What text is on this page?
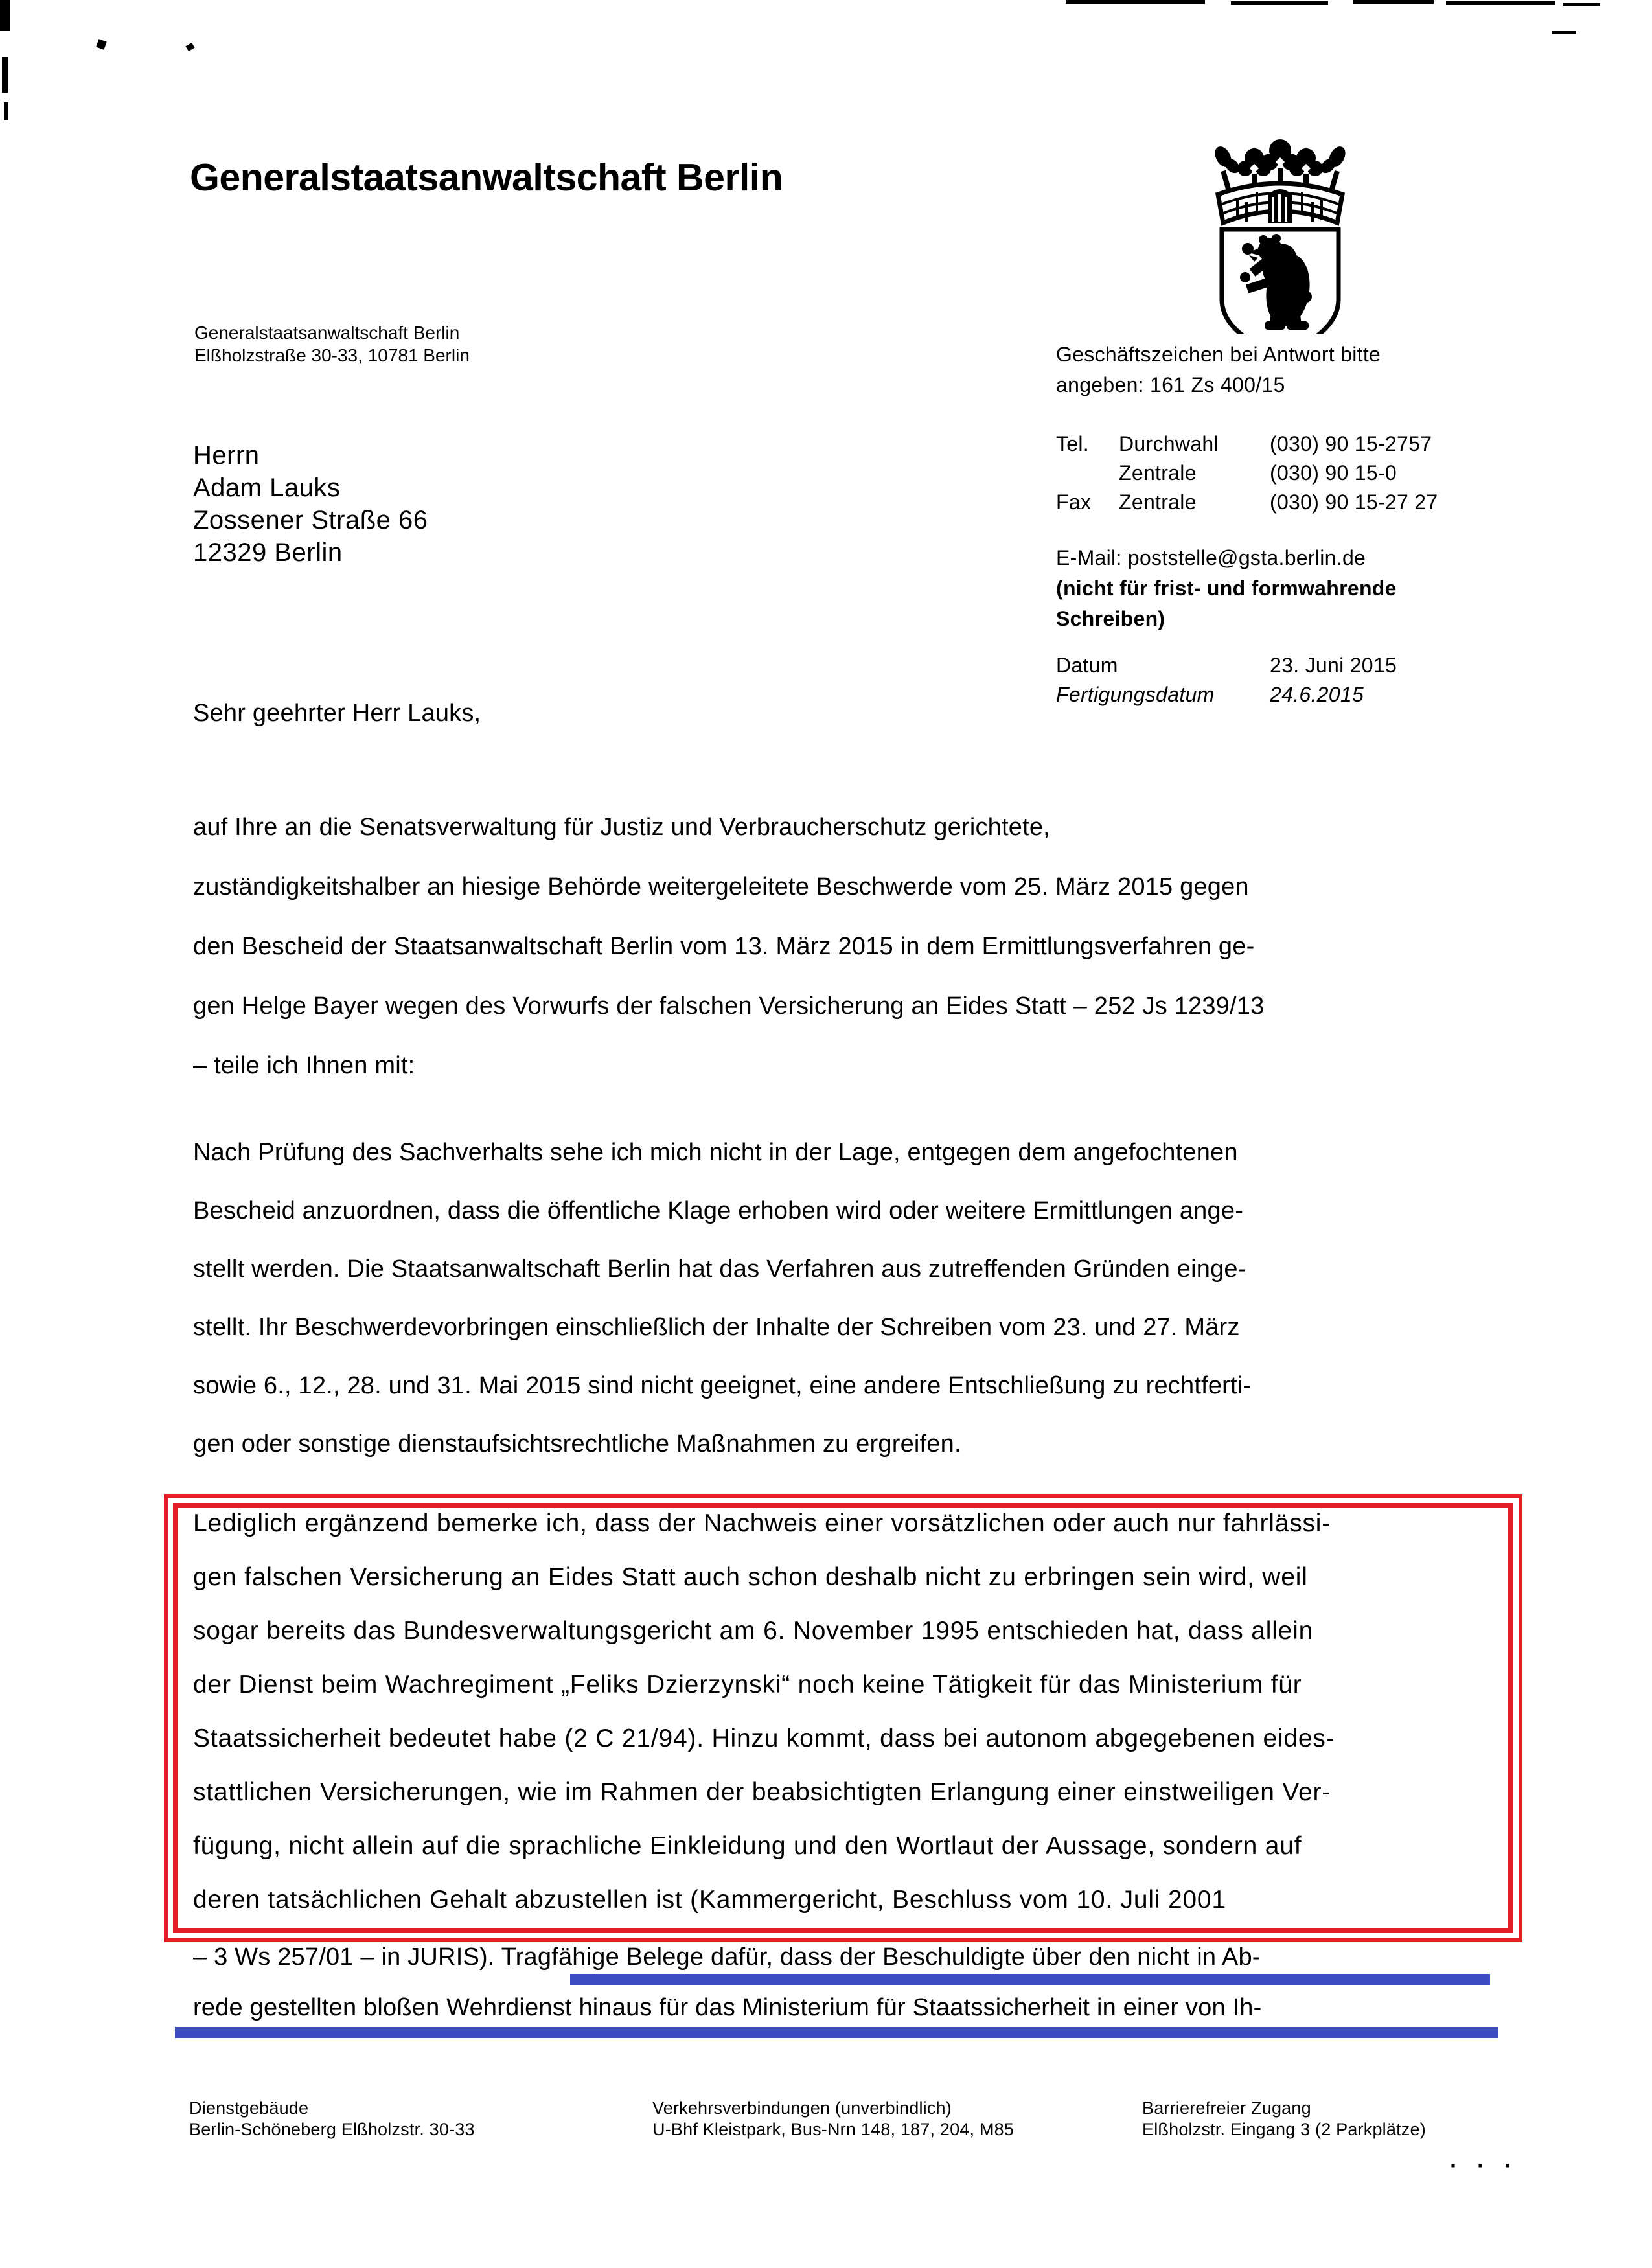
Generalstaatsanwaltschaft Berlin
Generalstaatsanwaltschaft Berlin
Elßholzstraße 30-33, 10781 Berlin
Herrn
Adam Lauks
Zossener Straße 66
12329 Berlin
Geschäftszeichen bei Antwort bitte
angeben: 161 Zs 400/15
Tel. Durchwahl (030) 90 15-2757
Zentrale	(030) 90 15-0
Fax Zentrale	(030) 90 15-27 27
E-Mail: poststelle@gsta.berlin.de
(nicht für frist- und formwahrende
Schreiben)
Datum	23. Juni 2015
Fertigungsdatum	24.6.2015
Sehr geehrter Herr Lauks,
auf Ihre an die Senatsverwaltung für Justiz und Verbraucherschutz gerichtete,
zuständigkeitshalber an hiesige Behörde weitergeleitete Beschwerde vom 25. März 2015 gegen
den Bescheid der Staatsanwaltschaft Berlin vom 13. März 2015 in dem Ermittlungsverfahren ge-
gen Helge Bayer wegen des Vorwurfs der falschen Versicherung an Eides Statt – 252 Js 1239/13
– teile ich Ihnen mit:
Nach Prüfung des Sachverhalts sehe ich mich nicht in der Lage, entgegen dem angefochtenen
Bescheid anzuordnen, dass die öffentliche Klage erhoben wird oder weitere Ermittlungen ange-
stellt werden. Die Staatsanwaltschaft Berlin hat das Verfahren aus zutreffenden Gründen einge-
stellt. Ihr Beschwerdevorbringen einschließlich der Inhalte der Schreiben vom 23. und 27. März
sowie 6., 12., 28. und 31. Mai 2015 sind nicht geeignet, eine andere Entschließung zu rechtferti-
gen oder sonstige dienstaufsichtsrechtliche Maßnahmen zu ergreifen.
Lediglich ergänzend bemerke ich, dass der Nachweis einer vorsätzlichen oder auch nur fahrlässi-
gen falschen Versicherung an Eides Statt auch schon deshalb nicht zu erbringen sein wird, weil
sogar bereits das Bundesverwaltungsgericht am 6. November 1995 entschieden hat, dass allein
der Dienst beim Wachregiment „Feliks Dzierzynski“ noch keine Tätigkeit für das Ministerium für
Staatssicherheit bedeutet habe (2 C 21/94). Hinzu kommt, dass bei autonom abgegebenen eides-
stattlichen Versicherungen, wie im Rahmen der beabsichtigten Erlangung einer einstweiligen Ver-
fügung, nicht allein auf die sprachliche Einkleidung und den Wortlaut der Aussage, sondern auf
deren tatsächlichen Gehalt abzustellen ist (Kammergericht, Beschluss vom 10. Juli 2001
– 3 Ws 257/01 – in JURIS). Tragfähige Belege dafür, dass der Beschuldigte über den nicht in Ab-
rede gestellten bloßen Wehrdienst hinaus für das Ministerium für Staatssicherheit in einer von Ih-
Dienstgebäude
Berlin-Schöneberg Elßholzstr. 30-33
Verkehrsverbindungen (unverbindlich)
U-Bhf Kleistpark, Bus-Nrn 148, 187, 204, M85
Barrierefreier Zugang
Elßholzstr. Eingang 3 (2 Parkplätze)
· · ·
